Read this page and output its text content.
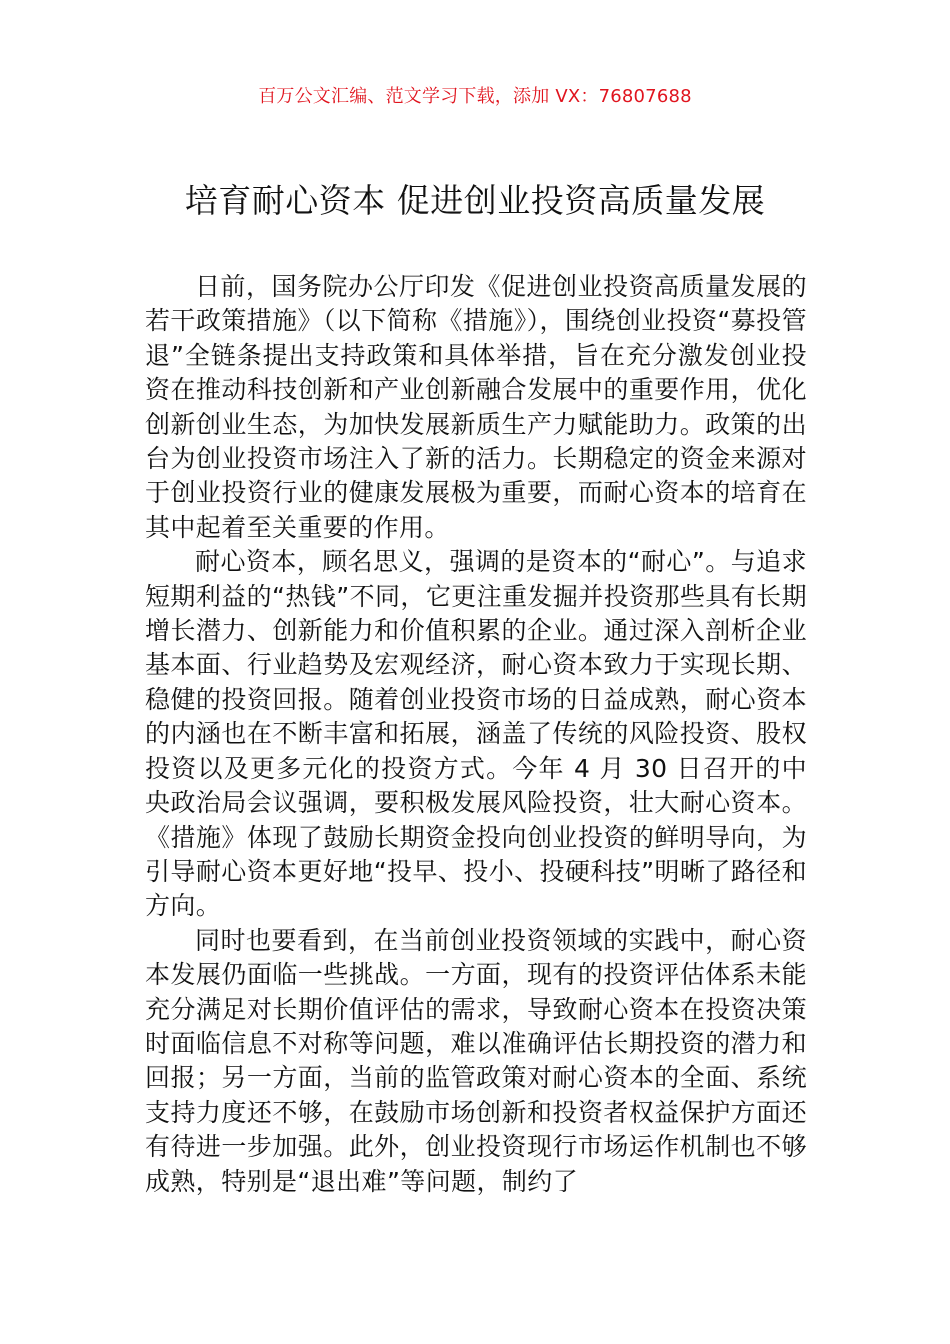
百万公文汇编、范文学习下载，添加 VX：76807688
培育耐心资本 促进创业投资高质量发展

日前，国务院办公厅印发《促进创业投资高质量发展的若干政策措施》（以下简称《措施》），围绕创业投资“募投管退”全链条提出支持政策和具体举措，旨在充分激发创业投资在推动科技创新和产业创新融合发展中的重要作用，优化创新创业生态，为加快发展新质生产力赋能助力。政策的出台为创业投资市场注入了新的活力。长期稳定的资金来源对于创业投资行业的健康发展极为重要，而耐心资本的培育在其中起着至关重要的作用。

耐心资本，顾名思义，强调的是资本的“耐心”。与追求短期利益的“热钱”不同，它更注重发掘并投资那些具有长期增长潜力、创新能力和价值积累的企业。通过深入剖析企业基本面、行业趋势及宏观经济，耐心资本致力于实现长期、稳健的投资回报。随着创业投资市场的日益成熟，耐心资本的内涵也在不断丰富和拓展，涵盖了传统的风险投资、股权投资以及更多元化的投资方式。今年 4 月 30 日召开的中央政治局会议强调，要积极发展风险投资，壮大耐心资本。《措施》体现了鼓励长期资金投向创业投资的鲜明导向，为引导耐心资本更好地“投早、投小、投硬科技”明晰了路径和方向。

同时也要看到，在当前创业投资领域的实践中，耐心资本发展仍面临一些挑战。一方面，现有的投资评估体系未能充分满足对长期价值评估的需求，导致耐心资本在投资决策时面临信息不对称等问题，难以准确评估长期投资的潜力和回报；另一方面，当前的监管政策对耐心资本的全面、系统支持力度还不够，在鼓励市场创新和投资者权益保护方面还有待进一步加强。此外，创业投资现行市场运作机制也不够成熟，特别是“退出难”等问题，制约了
